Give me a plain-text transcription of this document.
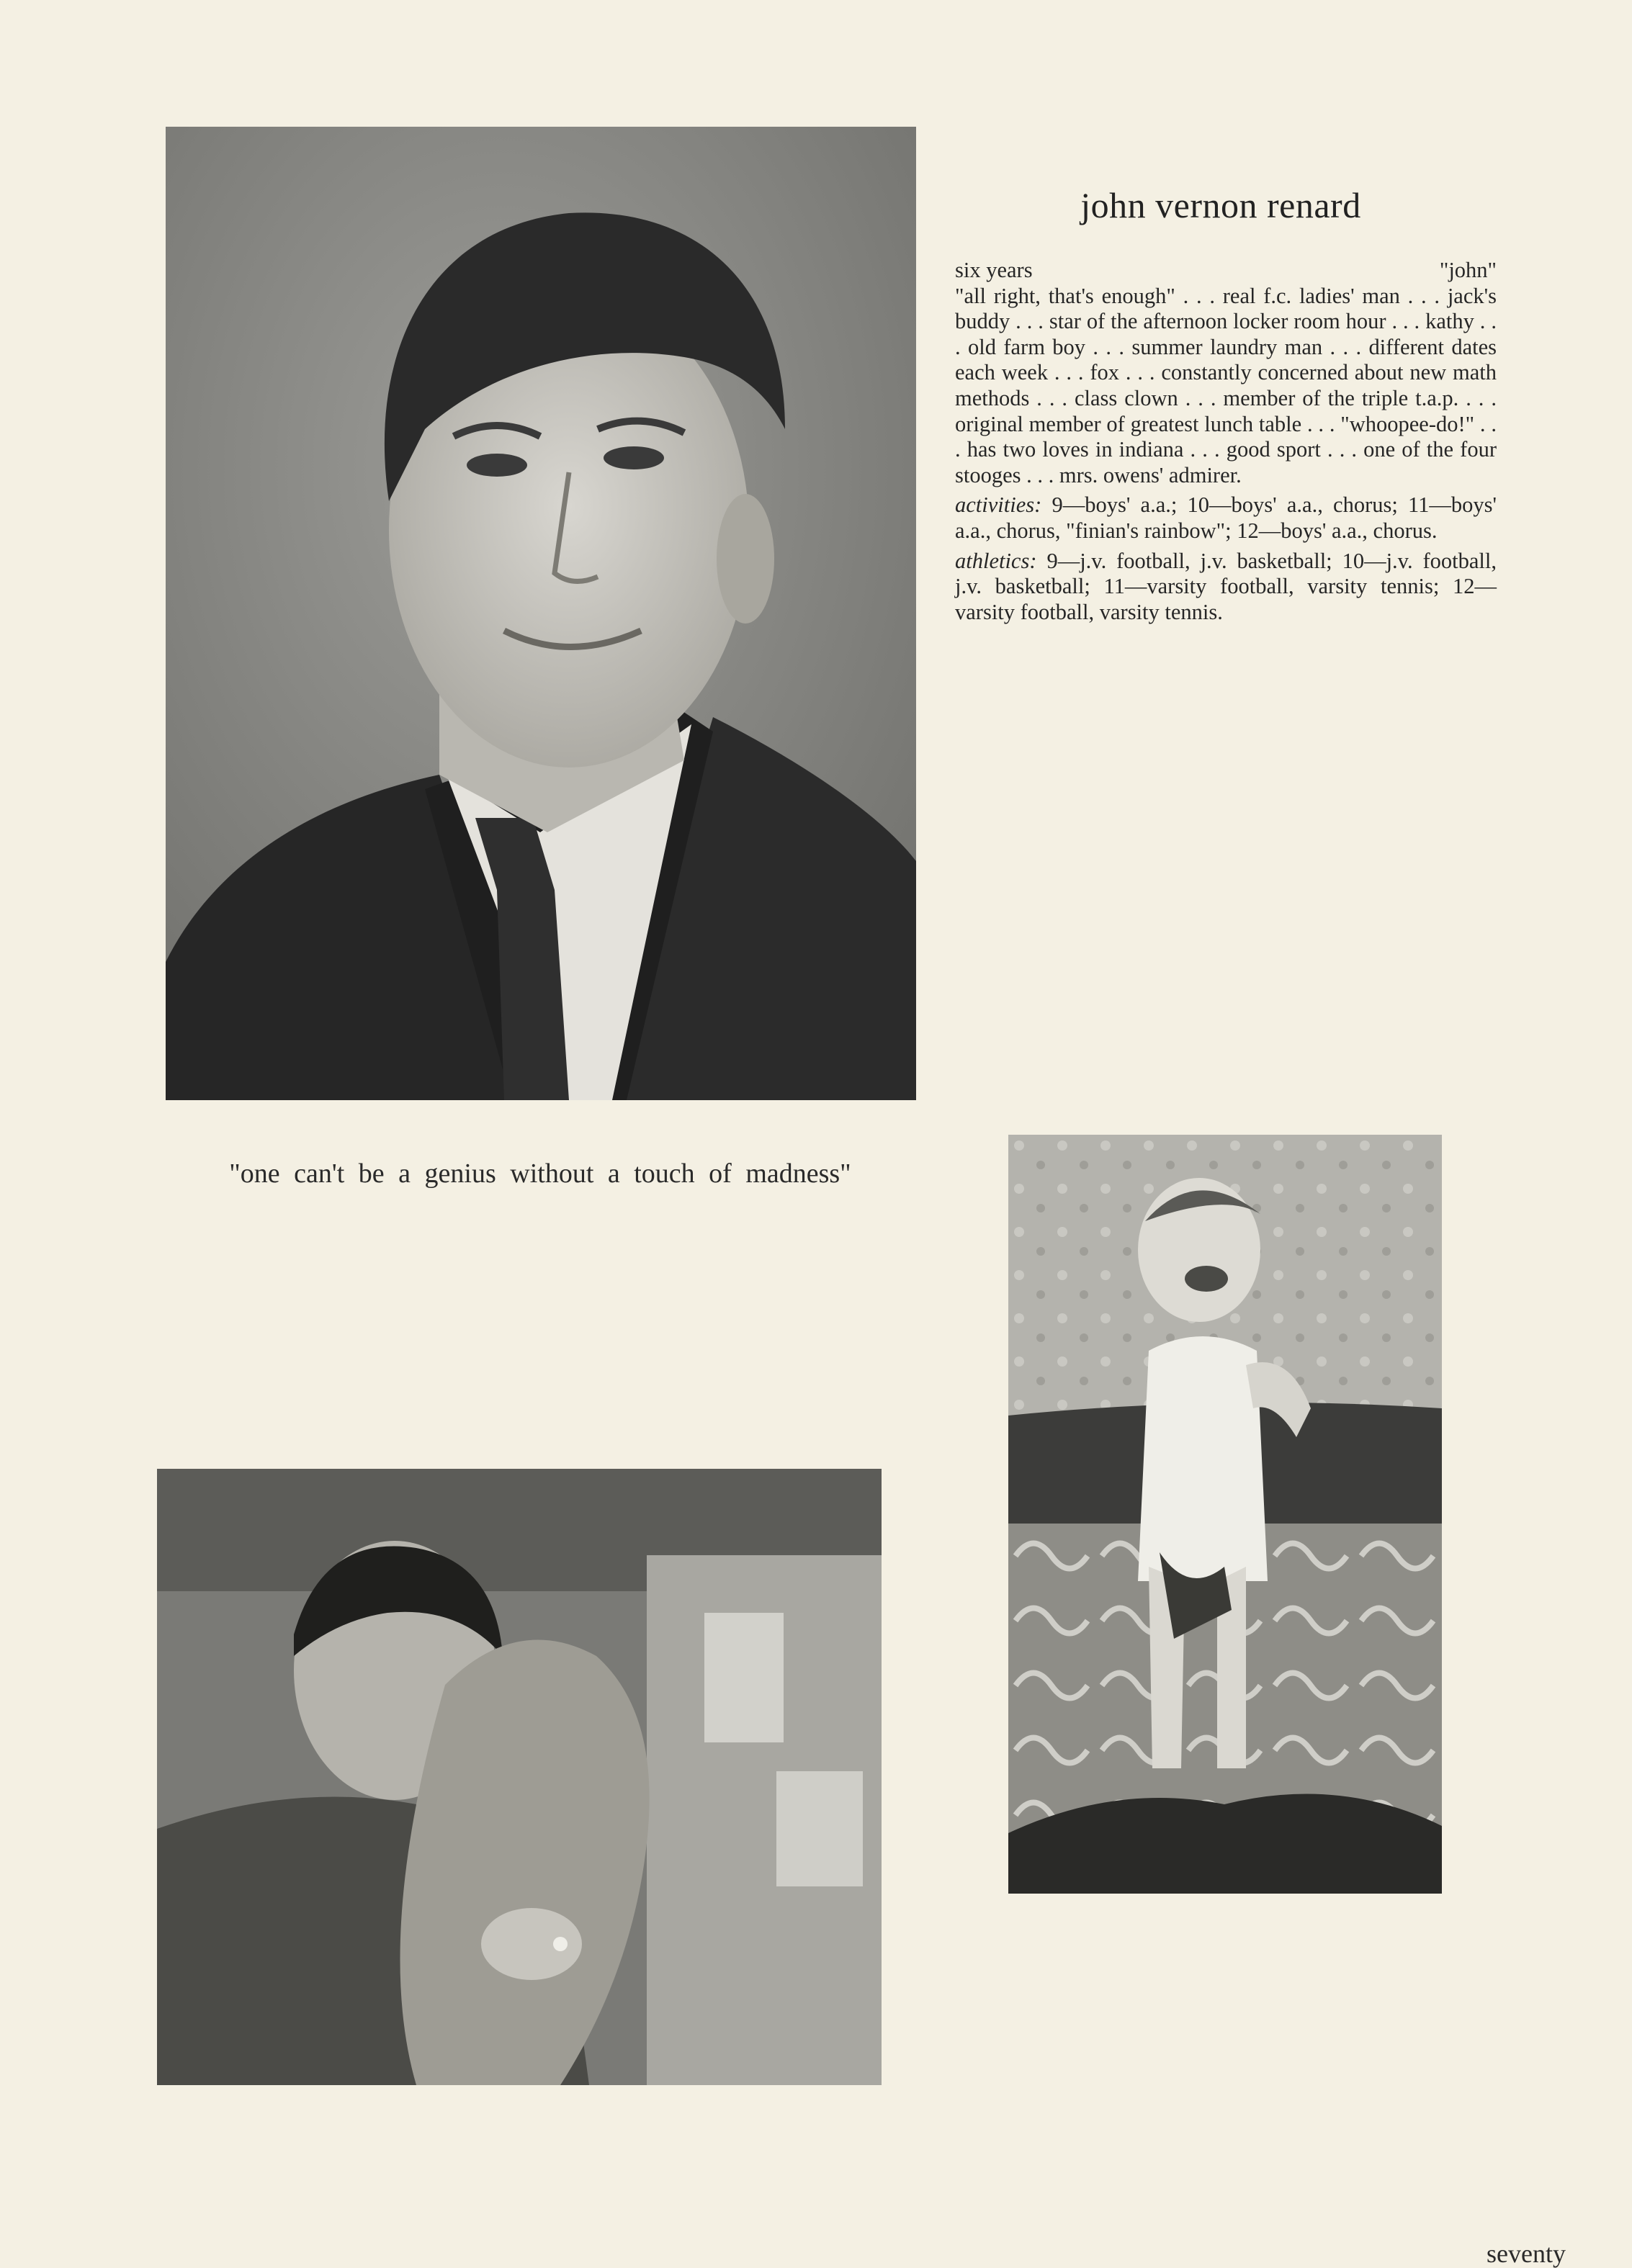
john vernon renard
six years	"john"

"all right, that's enough" . . . real f.c. ladies' man . . . jack's buddy . . . star of the afternoon locker room hour . . . kathy . . . old farm boy . . . summer laundry man . . . different dates each week . . . fox . . . constantly concerned about new math methods . . . class clown . . . member of the triple t.a.p. . . . original member of greatest lunch table . . . "whoopee-do!" . . . has two loves in indiana . . . good sport . . . one of the four stooges . . . mrs. owens' admirer.

activities: 9—boys' a.a.; 10—boys' a.a., chorus; 11—boys' a.a., chorus, "finian's rainbow"; 12—boys' a.a., chorus.

athletics: 9—j.v. football, j.v. basketball; 10—j.v. football, j.v. basketball; 11—varsity football, varsity tennis; 12—varsity football, varsity tennis.

"one can't be a genius without a touch of madness"
seventy
